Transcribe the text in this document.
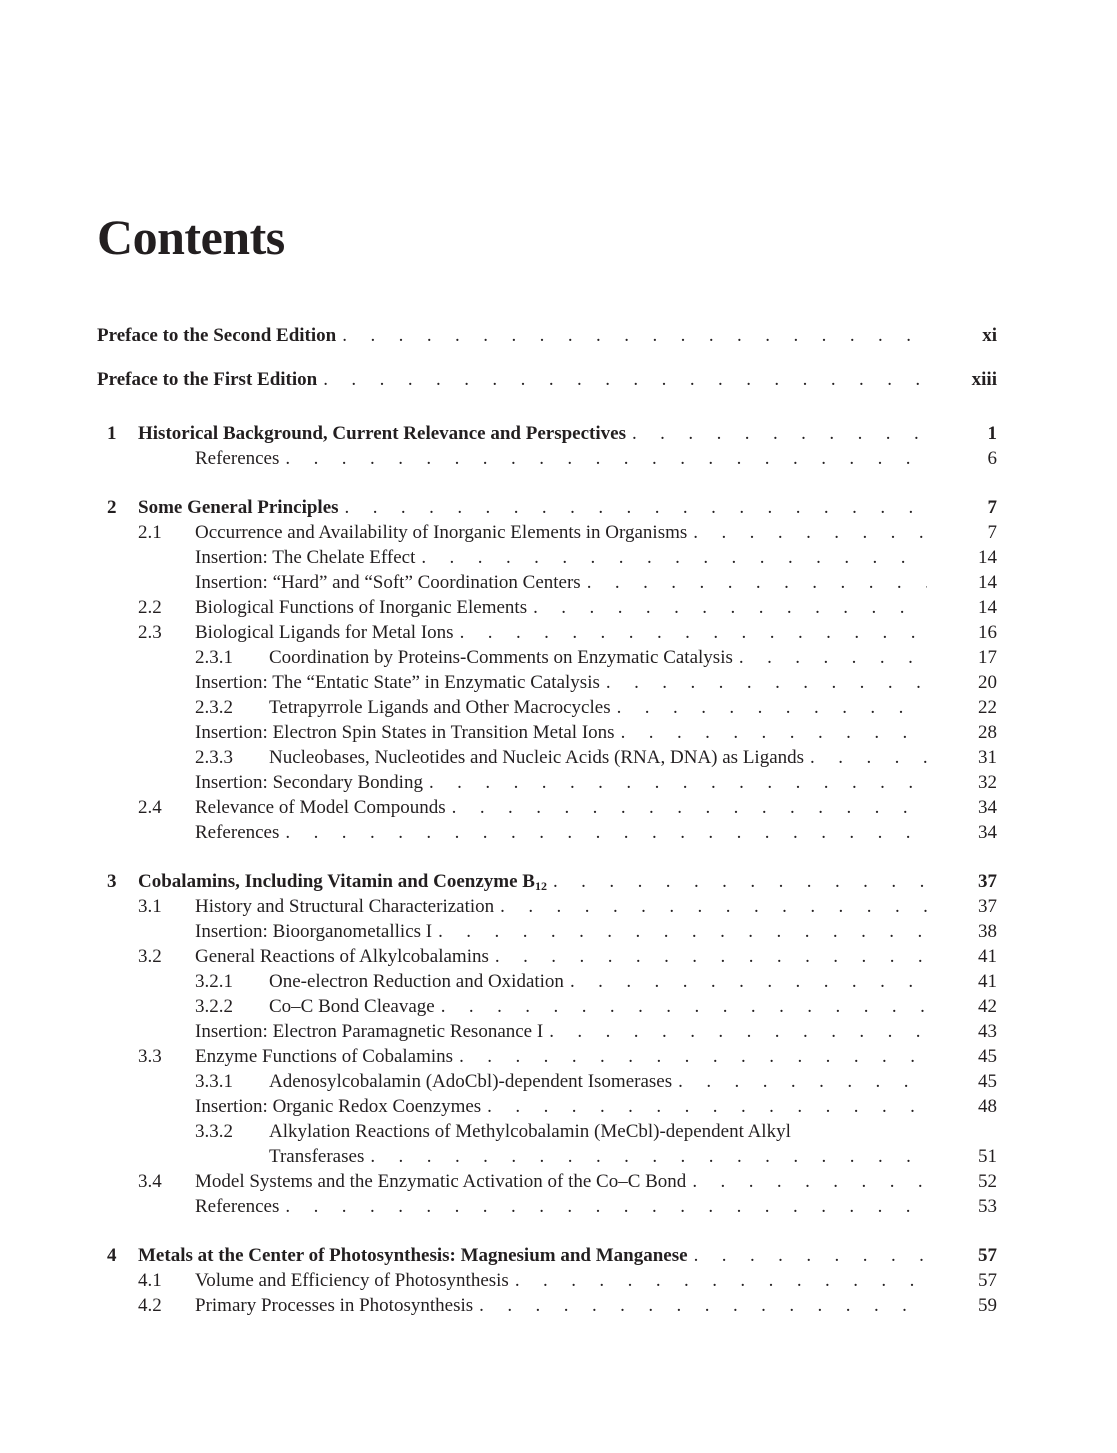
Contents
Preface to the Second Edition . . .	xi
Preface to the First Edition . . .	xiii
1 Historical Background, Current Relevance and Perspectives . . .	1
References . . .	6
2 Some General Principles . . .	7
2.1 Occurrence and Availability of Inorganic Elements in Organisms . . .	7
Insertion: The Chelate Effect . . .	14
Insertion: “Hard” and “Soft” Coordination Centers . . .	14
2.2 Biological Functions of Inorganic Elements . . .	14
2.3 Biological Ligands for Metal Ions . . .	16
2.3.1 Coordination by Proteins-Comments on Enzymatic Catalysis . . .	17
Insertion: The “Entatic State” in Enzymatic Catalysis . . .	20
2.3.2 Tetrapyrrole Ligands and Other Macrocycles . . .	22
Insertion: Electron Spin States in Transition Metal Ions . . .	28
2.3.3 Nucleobases, Nucleotides and Nucleic Acids (RNA, DNA) as Ligands . . .	31
Insertion: Secondary Bonding . . .	32
2.4 Relevance of Model Compounds . . .	34
References . . .	34
3 Cobalamins, Including Vitamin and Coenzyme $B_{12}$ . . .	37
3.1 History and Structural Characterization . . .	37
Insertion: Bioorganometallics I . . .	38
3.2 General Reactions of Alkylcobalamins . . .	41
3.2.1 One-electron Reduction and Oxidation . . .	41
3.2.2 Co–C Bond Cleavage . . .	42
Insertion: Electron Paramagnetic Resonance I . . .	43
3.3 Enzyme Functions of Cobalamins . . .	45
3.3.1 Adenosylcobalamin (AdoCbl)-dependent Isomerases . . .	45
Insertion: Organic Redox Coenzymes . . .	48
3.3.2 Alkylation Reactions of Methylcobalamin (MeCbl)-dependent Alkyl
Transferases . . .	51
3.4 Model Systems and the Enzymatic Activation of the Co–C Bond . . .	52
References . . .	53
4 Metals at the Center of Photosynthesis: Magnesium and Manganese . . .	57
4.1 Volume and Efficiency of Photosynthesis . . .	57
4.2 Primary Processes in Photosynthesis . . .	59
